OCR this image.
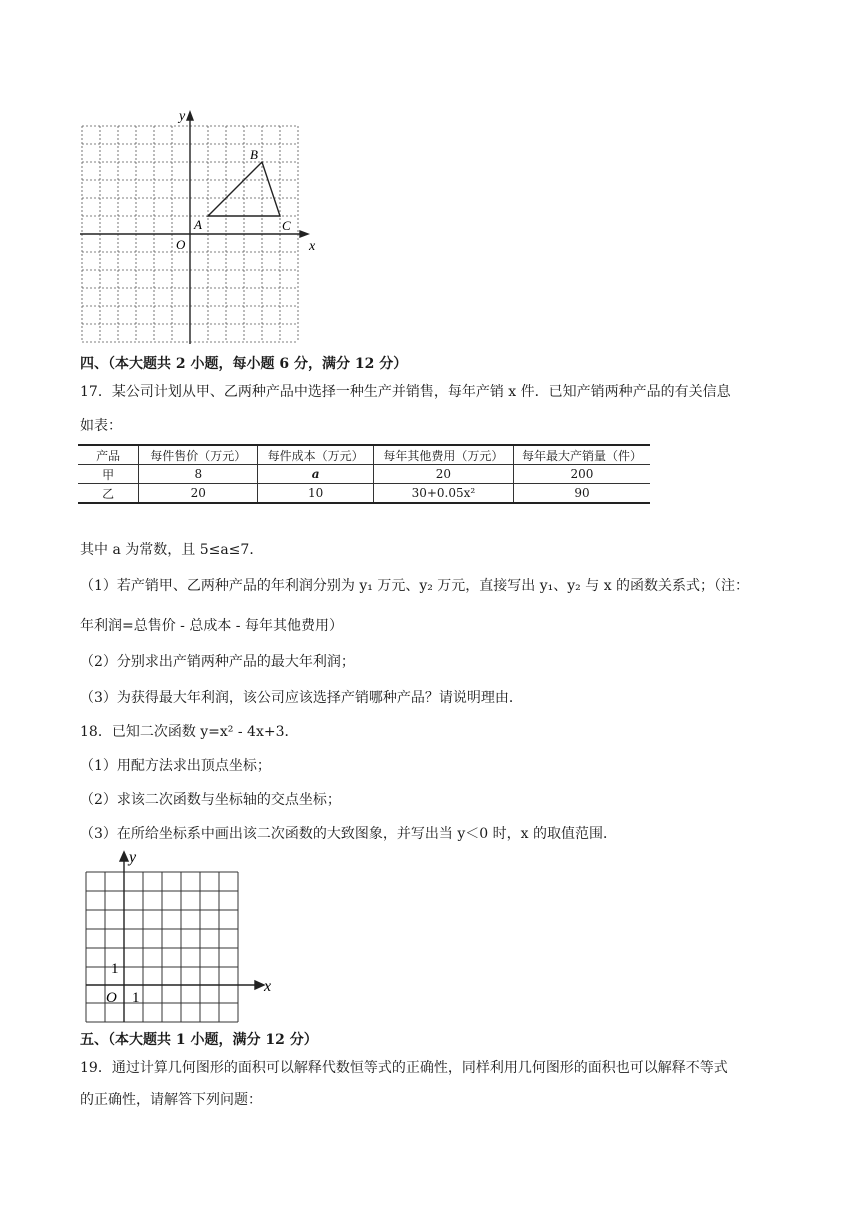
y
x
O
A
B
C
四、（本大题共 2 小题，每小题 6 分，满分 12 分）
17．某公司计划从甲、乙两种产品中选择一种生产并销售，每年产销 x 件．已知产销两种产品的有关信息
如表：
产品	每件售价（万元）	每件成本（万元）	每年其他费用（万元）	每年最大产销量（件）
甲	8	a	20	200
乙	20	10	30+0.05x²	90
其中 a 为常数，且 5≤a≤7．
（1）若产销甲、乙两种产品的年利润分别为 y₁ 万元、y₂ 万元，直接写出 y₁、y₂ 与 x 的函数关系式；（注：
年利润=总售价 - 总成本 - 每年其他费用）
（2）分别求出产销两种产品的最大年利润；
（3）为获得最大年利润，该公司应该选择产销哪种产品？请说明理由．
18．已知二次函数 y=x² - 4x+3．
（1）用配方法求出顶点坐标；
（2）求该二次函数与坐标轴的交点坐标；
（3）在所给坐标系中画出该二次函数的大致图象，并写出当 y＜0 时，x 的取值范围．
y
x
O
1
1
五、（本大题共 1 小题，满分 12 分）
19．通过计算几何图形的面积可以解释代数恒等式的正确性，同样利用几何图形的面积也可以解释不等式
的正确性，请解答下列问题：
